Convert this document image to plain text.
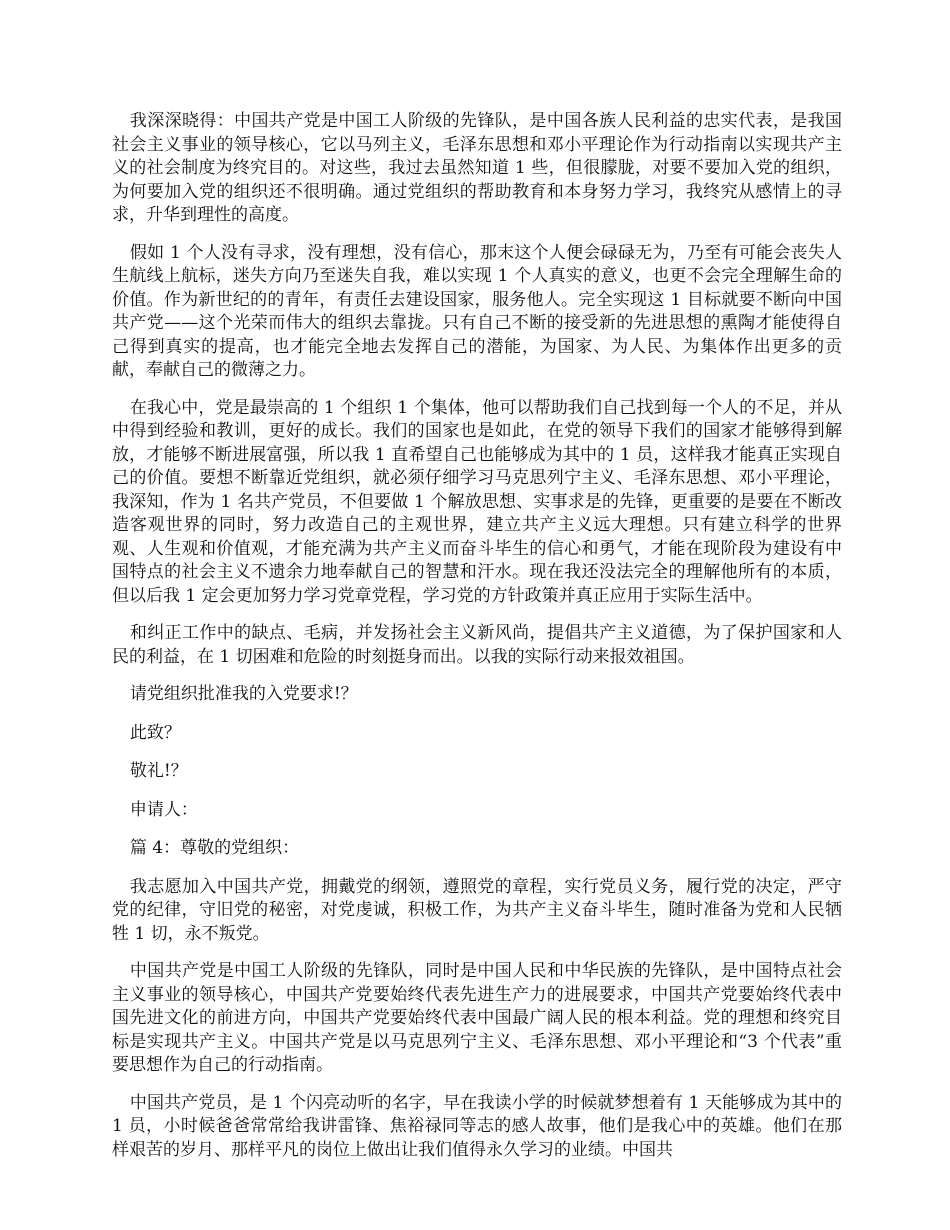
我深深晓得：中国共产党是中国工人阶级的先锋队，是中国各族人民利益的忠实代表，是我国社会主义事业的领导核心，它以马列主义，毛泽东思想和邓小平理论作为行动指南以实现共产主义的社会制度为终究目的。对这些，我过去虽然知道 1 些，但很朦胧，对要不要加入党的组织，为何要加入党的组织还不很明确。通过党组织的帮助教育和本身努力学习，我终究从感情上的寻求，升华到理性的高度。

假如 1 个人没有寻求，没有理想，没有信心，那末这个人便会碌碌无为，乃至有可能会丧失人生航线上航标，迷失方向乃至迷失自我，难以实现 1 个人真实的意义，也更不会完全理解生命的价值。作为新世纪的的青年，有责任去建设国家，服务他人。完全实现这 1 目标就要不断向中国共产党——这个光荣而伟大的组织去靠拢。只有自己不断的接受新的先进思想的熏陶才能使得自己得到真实的提高，也才能完全地去发挥自己的潜能，为国家、为人民、为集体作出更多的贡献，奉献自己的微薄之力。

在我心中，党是最崇高的 1 个组织 1 个集体，他可以帮助我们自己找到每一个人的不足，并从中得到经验和教训，更好的成长。我们的国家也是如此，在党的领导下我们的国家才能够得到解放，才能够不断进展富强，所以我 1 直希望自己也能够成为其中的 1 员，这样我才能真正实现自己的价值。要想不断靠近党组织，就必须仔细学习马克思列宁主义、毛泽东思想、邓小平理论，我深知，作为 1 名共产党员，不但要做 1 个解放思想、实事求是的先锋，更重要的是要在不断改造客观世界的同时，努力改造自己的主观世界，建立共产主义远大理想。只有建立科学的世界观、人生观和价值观，才能充满为共产主义而奋斗毕生的信心和勇气，才能在现阶段为建设有中国特点的社会主义不遗余力地奉献自己的智慧和汗水。现在我还没法完全的理解他所有的本质，但以后我 1 定会更加努力学习党章党程，学习党的方针政策并真正应用于实际生活中。

和纠正工作中的缺点、毛病，并发扬社会主义新风尚，提倡共产主义道德，为了保护国家和人民的利益，在 1 切困难和危险的时刻挺身而出。以我的实际行动来报效祖国。

请党组织批准我的入党要求!？

此致？

敬礼!？

申请人：

篇 4：尊敬的党组织：

我志愿加入中国共产党，拥戴党的纲领，遵照党的章程，实行党员义务，履行党的决定，严守党的纪律，守旧党的秘密，对党虔诚，积极工作，为共产主义奋斗毕生，随时准备为党和人民牺牲 1 切，永不叛党。

中国共产党是中国工人阶级的先锋队，同时是中国人民和中华民族的先锋队，是中国特点社会主义事业的领导核心，中国共产党要始终代表先进生产力的进展要求，中国共产党要始终代表中国先进文化的前进方向，中国共产党要始终代表中国最广阔人民的根本利益。党的理想和终究目标是实现共产主义。中国共产党是以马克思列宁主义、毛泽东思想、邓小平理论和“3 个代表”重要思想作为自己的行动指南。

中国共产党员，是 1 个闪亮动听的名字，早在我读小学的时候就梦想着有 1 天能够成为其中的 1 员，小时候爸爸常常给我讲雷锋、焦裕禄同等志的感人故事，他们是我心中的英雄。他们在那样艰苦的岁月、那样平凡的岗位上做出让我们值得永久学习的业绩。中国共
